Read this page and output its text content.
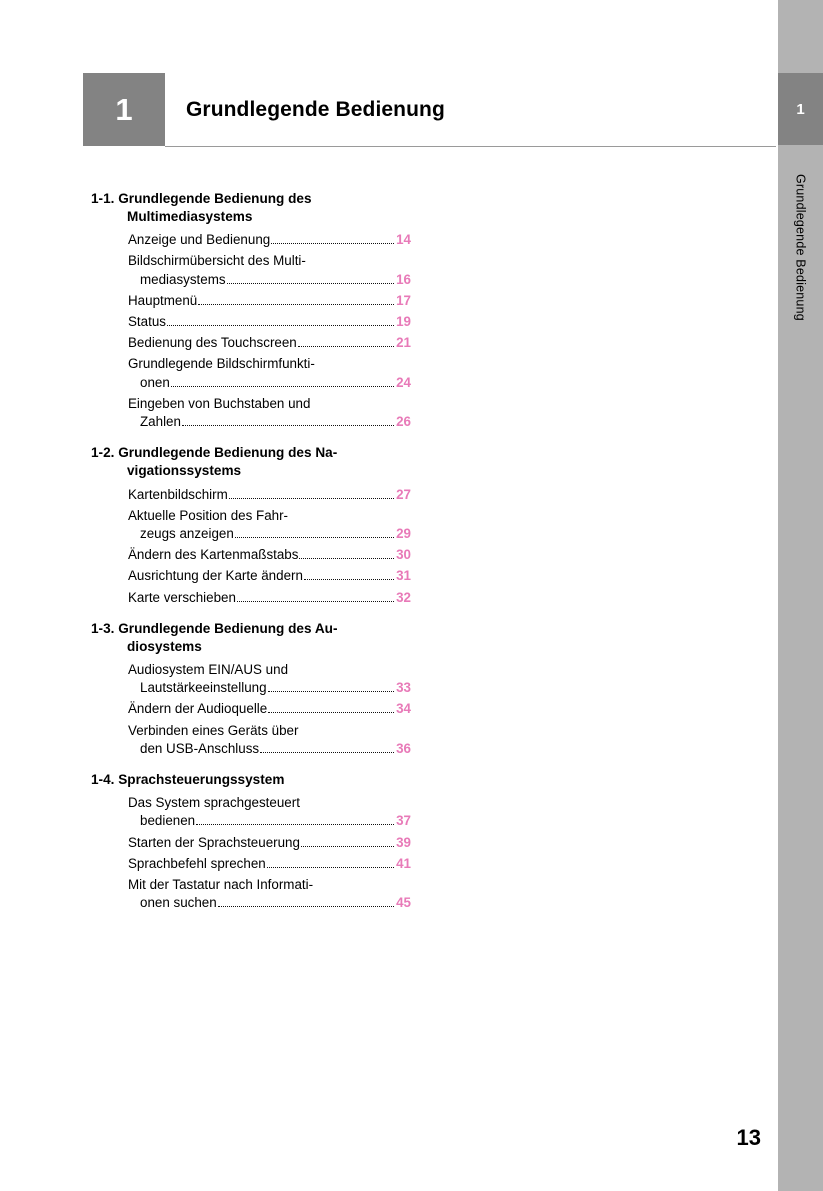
1
Grundlegende Bedienung
1	Grundlegende Bedienung
1-1. Grundlegende Bedienung des
Multimediasystems
Anzeige und Bedienung	14
Bildschirmübersicht des Multi-
mediasystems	16
Hauptmenü	17
Status	19
Bedienung des Touchscreen	21
Grundlegende Bildschirmfunkti-
onen	24
Eingeben von Buchstaben und
Zahlen	26
1-2. Grundlegende Bedienung des Na-
vigationssystems
Kartenbildschirm	27
Aktuelle Position des Fahr-
zeugs anzeigen	29
Ändern des Kartenmaßstabs	30
Ausrichtung der Karte ändern	31
Karte verschieben	32
1-3. Grundlegende Bedienung des Au-
diosystems
Audiosystem EIN/AUS und
Lautstärkeeinstellung	33
Ändern der Audioquelle	34
Verbinden eines Geräts über
den USB-Anschluss	36
1-4. Sprachsteuerungssystem
Das System sprachgesteuert
bedienen	37
Starten der Sprachsteuerung	39
Sprachbefehl sprechen	41
Mit der Tastatur nach Informati-
onen suchen	45
13
